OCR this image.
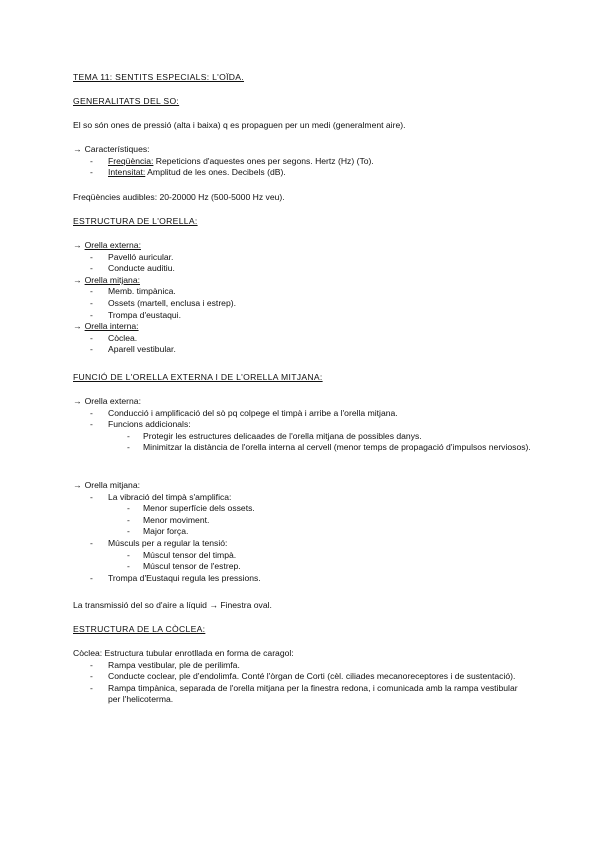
TEMA 11: SENTITS ESPECIALS: L'OÏDA.
GENERALITATS DEL SO:
El so són ones de pressió (alta i baixa) q es propaguen per un medi (generalment aire).
→ Característiques:
- Freqüència: Repeticions d'aquestes ones per segons. Hertz (Hz) (To).
- Intensitat: Amplitud de les ones. Decibels (dB).
Freqüències audibles: 20-20000 Hz (500-5000 Hz veu).
ESTRUCTURA DE L'ORELLA:
→ Orella externa:
- Pavelló auricular.
- Conducte auditiu.
→ Orella mitjana:
- Memb. timpànica.
- Ossets (martell, enclusa i estrep).
- Trompa d'eustaqui.
→ Orella interna:
- Còclea.
- Aparell vestibular.
FUNCIÓ DE L'ORELLA EXTERNA I DE L'ORELLA MITJANA:
→ Orella externa:
- Conducció i amplificació del sò pq colpege el timpà i arribe a l'orella mitjana.
- Funcions addicionals:
- Protegir les estructures delicaades de l'orella mitjana de possibles danys.
- Minimitzar la distància de l'orella interna al cervell (menor temps de propagació d'impulsos nerviosos).
→ Orella mitjana:
- La vibració del timpà s'amplifica:
- Menor superfície dels ossets.
- Menor moviment.
- Major força.
- Músculs per a regular la tensió:
- Múscul tensor del timpà.
- Múscul tensor de l'estrep.
- Trompa d'Eustaqui regula les pressions.
La transmissió del so d'aire a líquid → Finestra oval.
ESTRUCTURA DE LA CÒCLEA:
Còclea: Estructura tubular enrotllada en forma de caragol:
- Rampa vestibular, ple de perilimfa.
- Conducte coclear, ple d'endolimfa. Conté l'òrgan de Corti (cèl. ciliades mecanoreceptores i de sustentació).
- Rampa timpànica, separada de l'orella mitjana per la finestra redona, i comunicada amb la rampa vestibular per l'helicoterma.
